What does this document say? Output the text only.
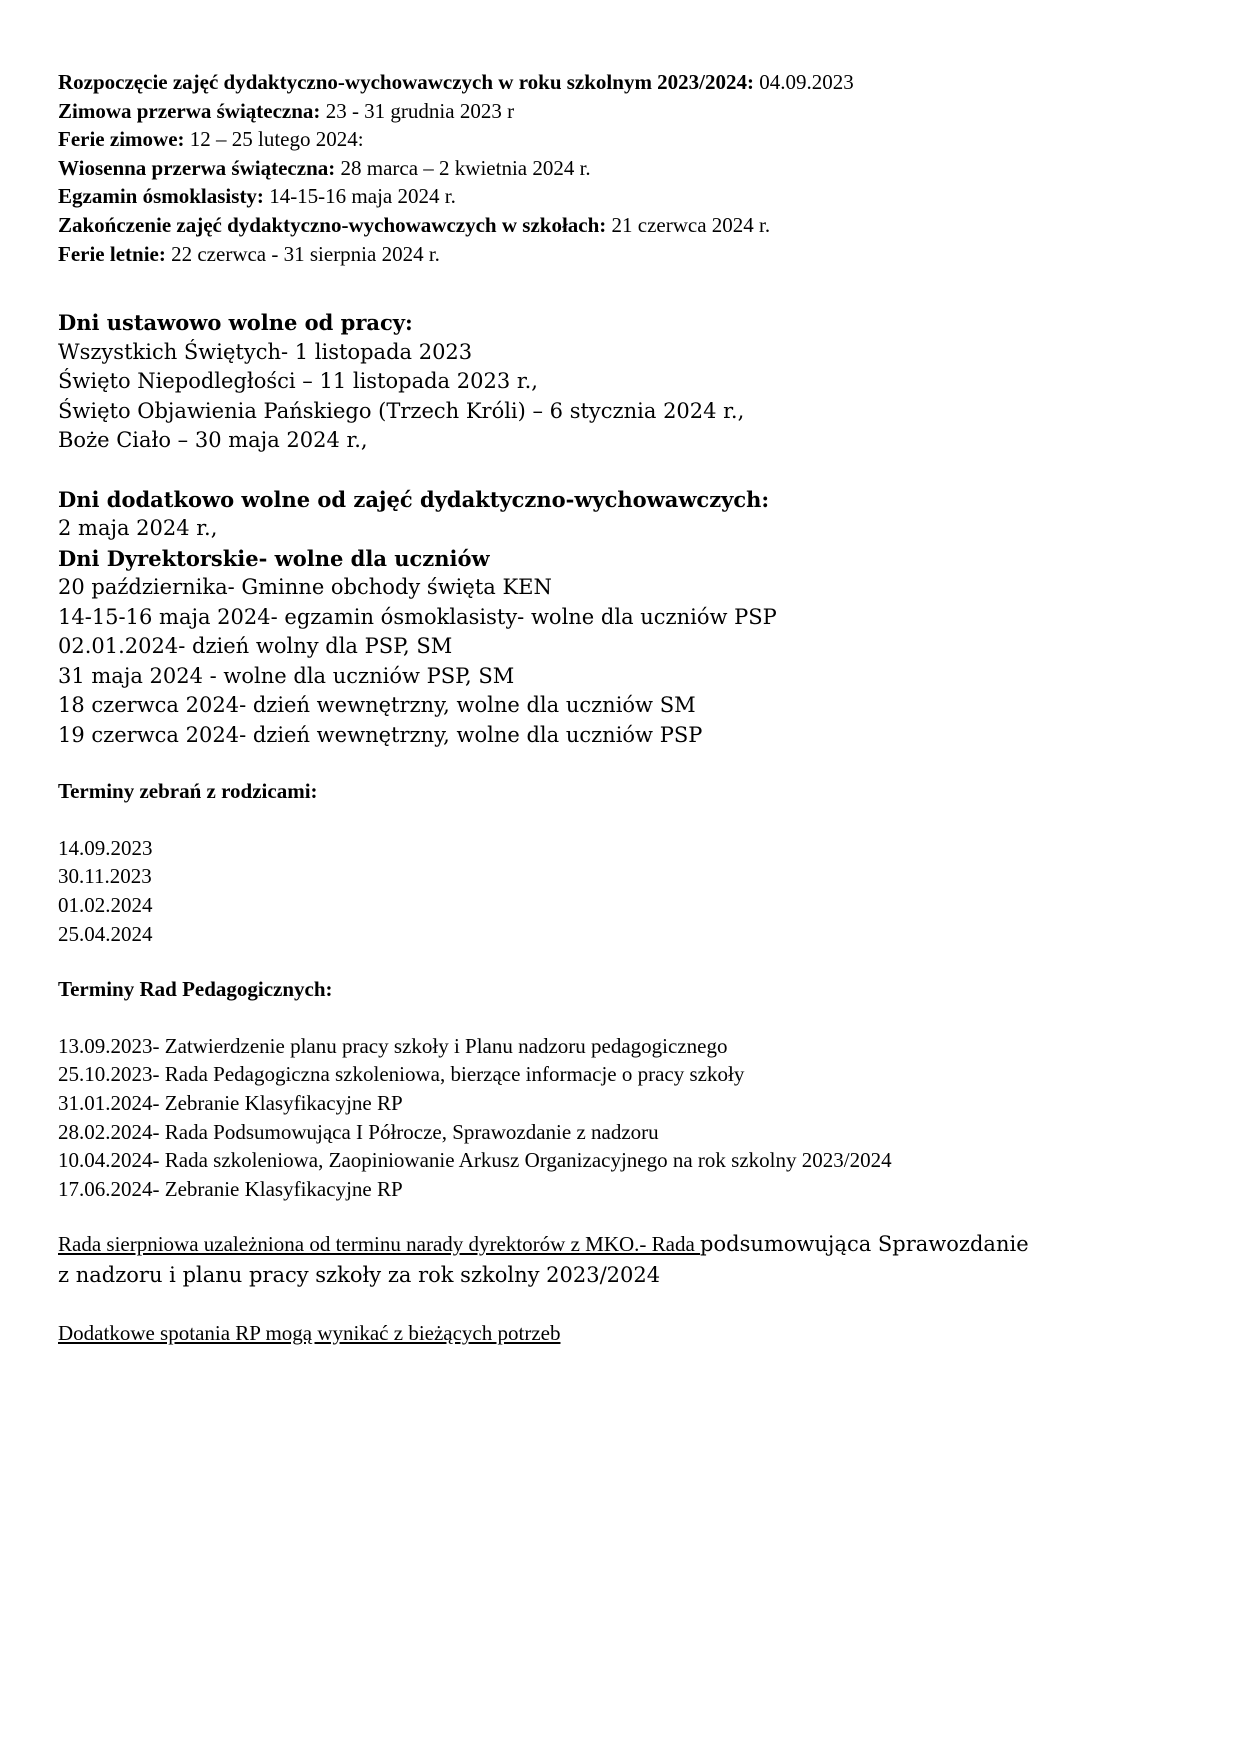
Rozpoczęcie zajęć dydaktyczno-wychowawczych w roku szkolnym 2023/2024: 04.09.2023
Zimowa przerwa świąteczna: 23 - 31 grudnia 2023 r
Ferie zimowe: 12 – 25 lutego 2024:
Wiosenna przerwa świąteczna: 28 marca – 2 kwietnia 2024 r.
Egzamin ósmoklasisty: 14-15-16 maja 2024 r.
Zakończenie zajęć dydaktyczno-wychowawczych w szkołach: 21 czerwca 2024 r.
Ferie letnie: 22 czerwca - 31 sierpnia 2024 r.
Dni ustawowo wolne od pracy:
Wszystkich Świętych- 1 listopada 2023
Święto Niepodległości – 11 listopada 2023 r.,
Święto Objawienia Pańskiego (Trzech Króli) – 6 stycznia 2024 r.,
Boże Ciało – 30 maja 2024 r.,
Dni dodatkowo wolne od zajęć dydaktyczno-wychowawczych:
2 maja 2024 r.,
Dni Dyrektorskie- wolne dla uczniów
20 października- Gminne obchody święta KEN
14-15-16 maja 2024- egzamin ósmoklasisty- wolne dla uczniów PSP
02.01.2024- dzień wolny dla PSP, SM
31 maja 2024 - wolne dla uczniów PSP, SM
18 czerwca 2024- dzień wewnętrzny, wolne dla uczniów SM
19 czerwca 2024- dzień wewnętrzny, wolne dla uczniów PSP
Terminy zebrań z rodzicami:
14.09.2023
30.11.2023
01.02.2024
25.04.2024
Terminy Rad Pedagogicznych:
13.09.2023- Zatwierdzenie planu pracy szkoły i Planu nadzoru pedagogicznego
25.10.2023- Rada Pedagogiczna szkoleniowa, bierzące informacje o pracy szkoły
31.01.2024- Zebranie Klasyfikacyjne RP
28.02.2024- Rada Podsumowująca I Półrocze, Sprawozdanie z nadzoru
10.04.2024- Rada szkoleniowa, Zaopiniowanie Arkusz Organizacyjnego na rok szkolny 2023/2024
17.06.2024- Zebranie Klasyfikacyjne RP
Rada sierpniowa uzależniona od terminu narady dyrektorów z MKO.- Rada podsumowująca Sprawozdanie
z nadzoru i planu pracy szkoły za rok szkolny 2023/2024
Dodatkowe spotania RP mogą wynikać z bieżących potrzeb
